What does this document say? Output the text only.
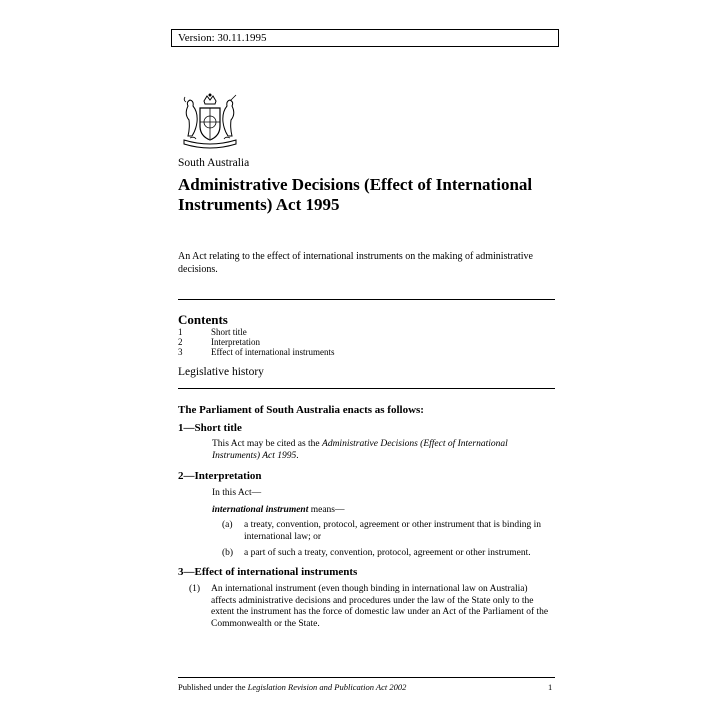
Version: 30.11.1995
South Australia
Administrative Decisions (Effect of International Instruments) Act 1995
An Act relating to the effect of international instruments on the making of administrative decisions.
Contents
1	Short title
2	Interpretation
3	Effect of international instruments
Legislative history
The Parliament of South Australia enacts as follows:
1—Short title
This Act may be cited as the Administrative Decisions (Effect of International Instruments) Act 1995.
2—Interpretation
In this Act—
international instrument means—
(a)	a treaty, convention, protocol, agreement or other instrument that is binding in international law; or
(b)	a part of such a treaty, convention, protocol, agreement or other instrument.
3—Effect of international instruments
(1)	An international instrument (even though binding in international law on Australia) affects administrative decisions and procedures under the law of the State only to the extent the instrument has the force of domestic law under an Act of the Parliament of the Commonwealth or the State.
Published under the Legislation Revision and Publication Act 2002	1
